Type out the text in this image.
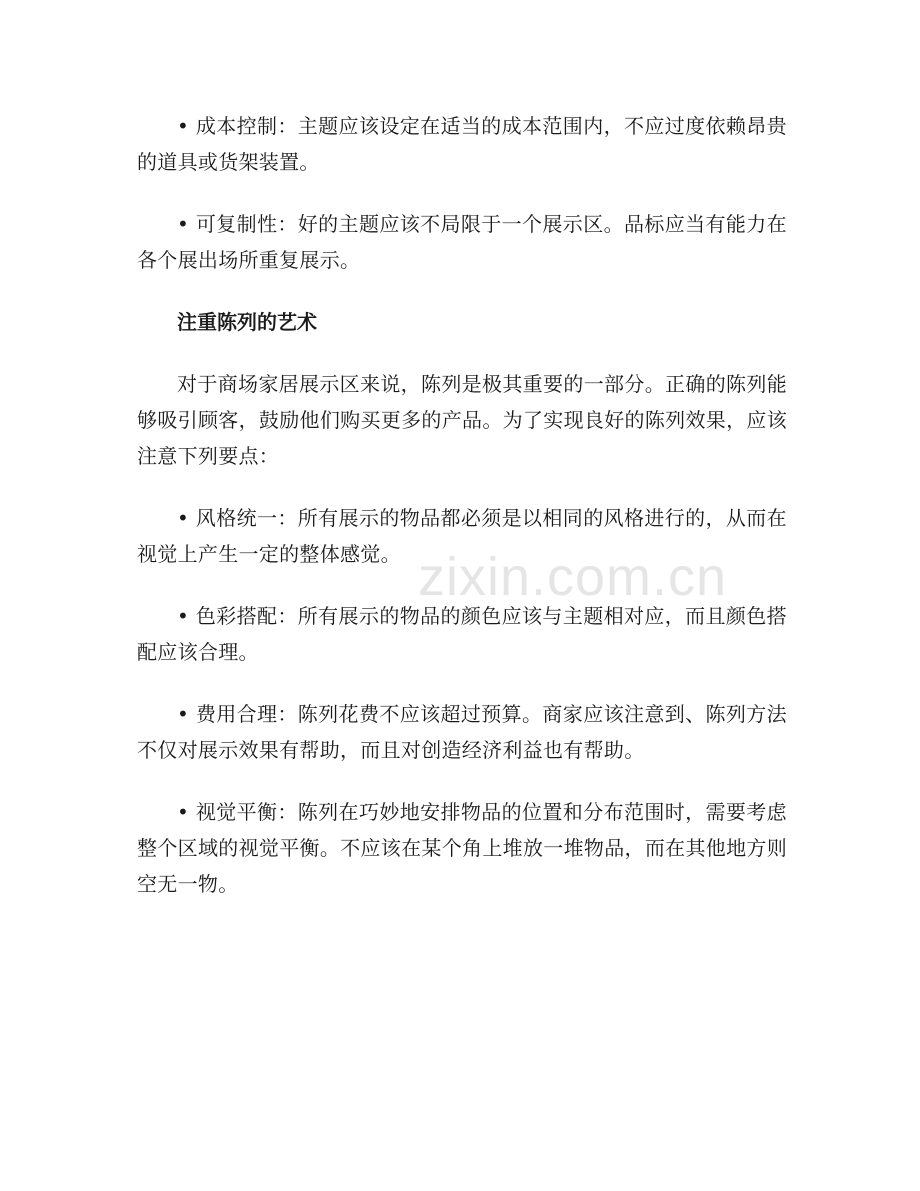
• 成本控制：主题应该设定在适当的成本范围内，不应过度依赖昂贵的道具或货架装置。

• 可复制性：好的主题应该不局限于一个展示区。品标应当有能力在各个展出场所重复展示。

注重陈列的艺术

对于商场家居展示区来说，陈列是极其重要的一部分。正确的陈列能够吸引顾客，鼓励他们购买更多的产品。为了实现良好的陈列效果，应该注意下列要点：

• 风格统一：所有展示的物品都必须是以相同的风格进行的，从而在视觉上产生一定的整体感觉。

• 色彩搭配：所有展示的物品的颜色应该与主题相对应，而且颜色搭配应该合理。

• 费用合理：陈列花费不应该超过预算。商家应该注意到、陈列方法不仅对展示效果有帮助，而且对创造经济利益也有帮助。

• 视觉平衡：陈列在巧妙地安排物品的位置和分布范围时，需要考虑整个区域的视觉平衡。不应该在某个角上堆放一堆物品，而在其他地方则空无一物。

zixin.com.cn
